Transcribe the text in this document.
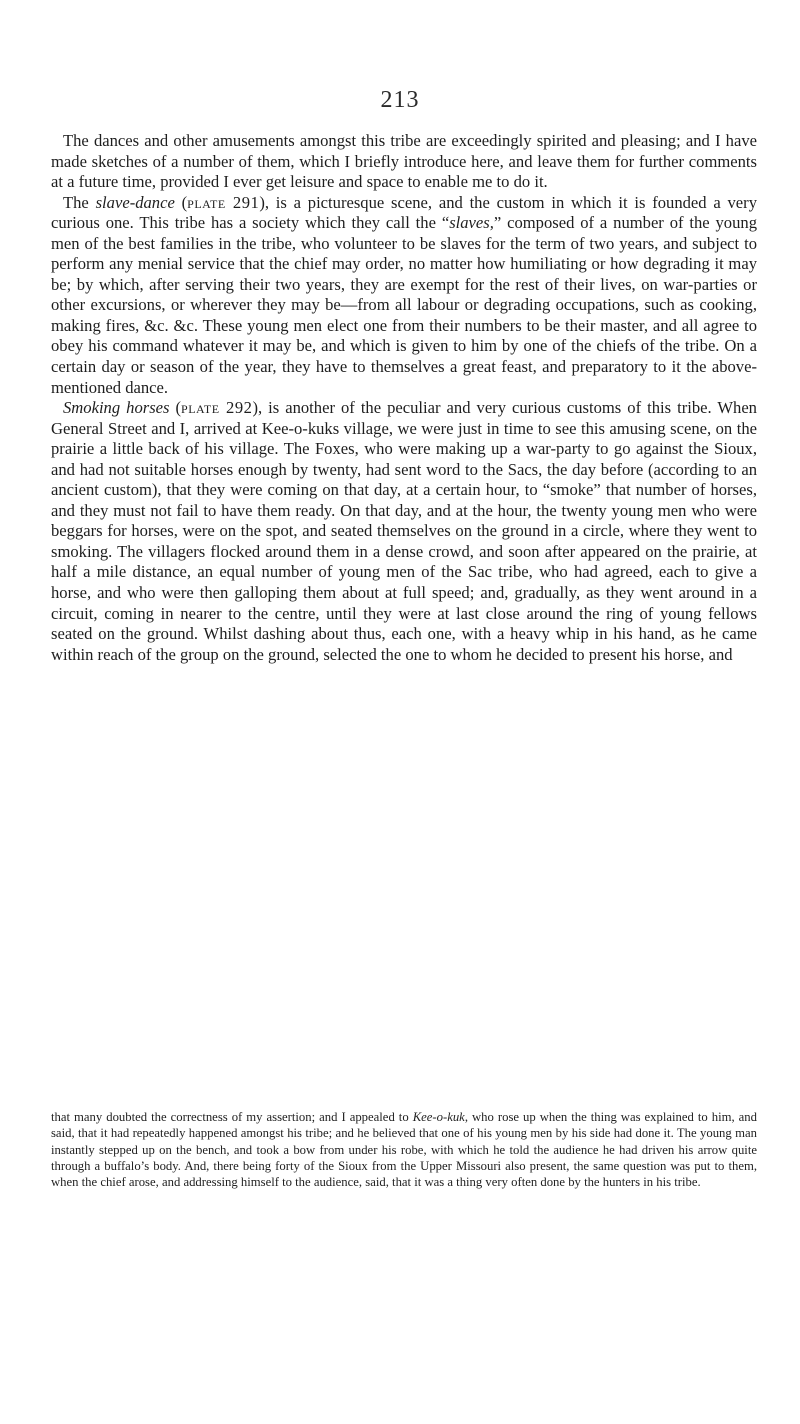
213

The dances and other amusements amongst this tribe are exceedingly spirited and pleasing; and I have made sketches of a number of them, which I briefly introduce here, and leave them for further comments at a future time, provided I ever get leisure and space to enable me to do it.

The slave-dance (plate 291), is a picturesque scene, and the custom in which it is founded a very curious one. This tribe has a society which they call the “slaves,” composed of a number of the young men of the best families in the tribe, who volunteer to be slaves for the term of two years, and subject to perform any menial service that the chief may order, no matter how humiliating or how degrading it may be; by which, after serving their two years, they are exempt for the rest of their lives, on war-parties or other excursions, or wherever they may be—from all labour or degrading occupations, such as cooking, making fires, &c. &c. These young men elect one from their numbers to be their master, and all agree to obey his command whatever it may be, and which is given to him by one of the chiefs of the tribe. On a certain day or season of the year, they have to themselves a great feast, and preparatory to it the above-mentioned dance.

Smoking horses (plate 292), is another of the peculiar and very curious customs of this tribe. When General Street and I, arrived at Kee-o-kuks village, we were just in time to see this amusing scene, on the prairie a little back of his village. The Foxes, who were making up a war-party to go against the Sioux, and had not suitable horses enough by twenty, had sent word to the Sacs, the day before (according to an ancient custom), that they were coming on that day, at a certain hour, to “smoke” that number of horses, and they must not fail to have them ready. On that day, and at the hour, the twenty young men who were beggars for horses, were on the spot, and seated themselves on the ground in a circle, where they went to smoking. The villagers flocked around them in a dense crowd, and soon after appeared on the prairie, at half a mile distance, an equal number of young men of the Sac tribe, who had agreed, each to give a horse, and who were then galloping them about at full speed; and, gradually, as they went around in a circuit, coming in nearer to the centre, until they were at last close around the ring of young fellows seated on the ground. Whilst dashing about thus, each one, with a heavy whip in his hand, as he came within reach of the group on the ground, selected the one to whom he decided to present his horse, and

that many doubted the correctness of my assertion; and I appealed to Kee-o-kuk, who rose up when the thing was explained to him, and said, that it had repeatedly happened amongst his tribe; and he believed that one of his young men by his side had done it. The young man instantly stepped up on the bench, and took a bow from under his robe, with which he told the audience he had driven his arrow quite through a buffalo’s body. And, there being forty of the Sioux from the Upper Missouri also present, the same question was put to them, when the chief arose, and addressing himself to the audience, said, that it was a thing very often done by the hunters in his tribe.
